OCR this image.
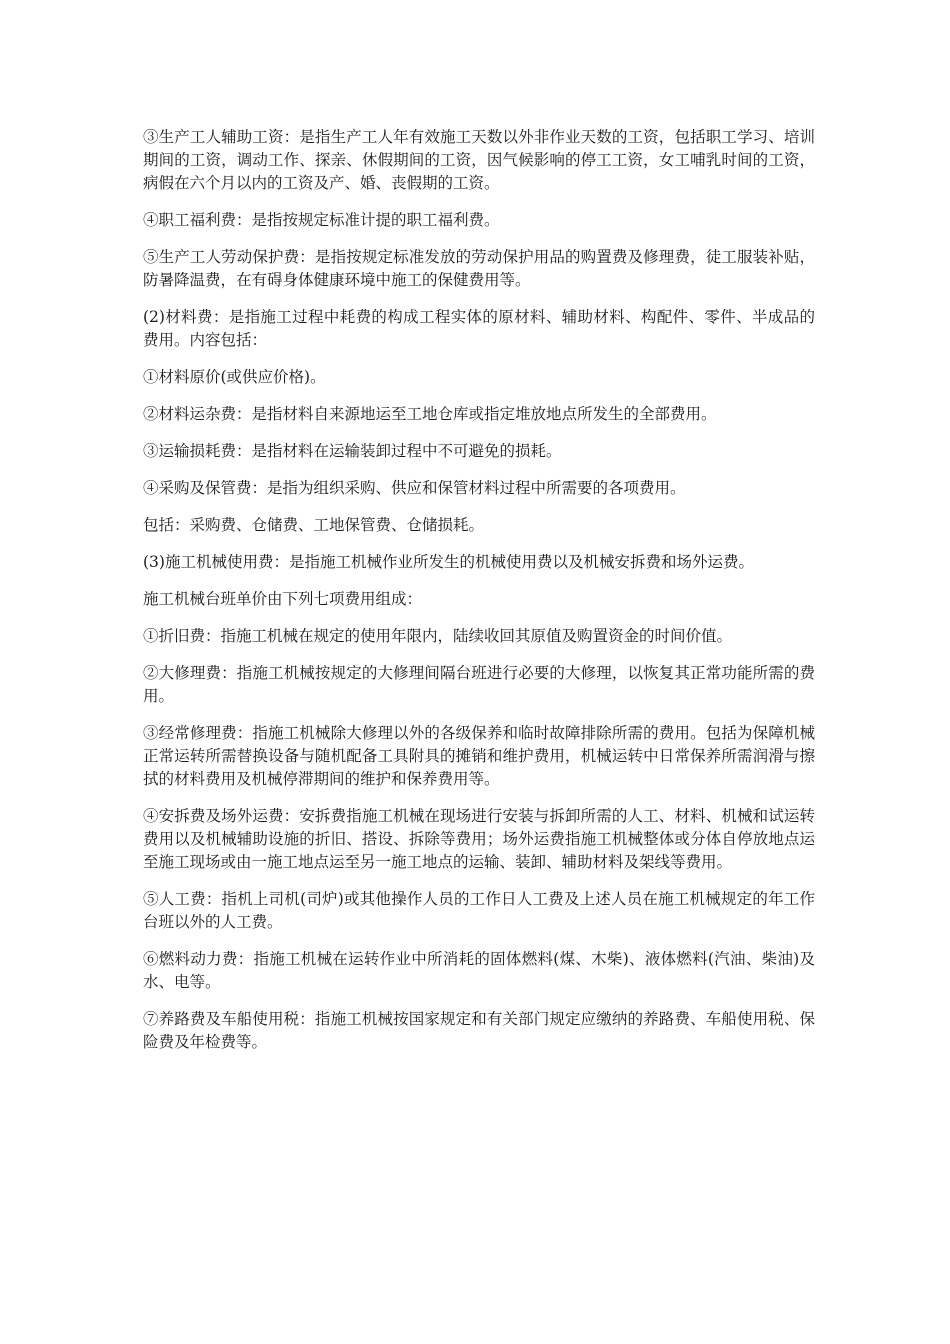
③生产工人辅助工资：是指生产工人年有效施工天数以外非作业天数的工资，包括职工学习、培训期间的工资，调动工作、探亲、休假期间的工资，因气候影响的停工工资，女工哺乳时间的工资，病假在六个月以内的工资及产、婚、丧假期的工资。

④职工福利费：是指按规定标准计提的职工福利费。

⑤生产工人劳动保护费：是指按规定标准发放的劳动保护用品的购置费及修理费，徒工服装补贴，防暑降温费，在有碍身体健康环境中施工的保健费用等。

(2)材料费：是指施工过程中耗费的构成工程实体的原材料、辅助材料、构配件、零件、半成品的费用。内容包括：

①材料原价(或供应价格)。

②材料运杂费：是指材料自来源地运至工地仓库或指定堆放地点所发生的全部费用。

③运输损耗费：是指材料在运输装卸过程中不可避免的损耗。

④采购及保管费：是指为组织采购、供应和保管材料过程中所需要的各项费用。

包括：采购费、仓储费、工地保管费、仓储损耗。

(3)施工机械使用费：是指施工机械作业所发生的机械使用费以及机械安拆费和场外运费。

施工机械台班单价由下列七项费用组成：

①折旧费：指施工机械在规定的使用年限内，陆续收回其原值及购置资金的时间价值。

②大修理费：指施工机械按规定的大修理间隔台班进行必要的大修理，以恢复其正常功能所需的费用。

③经常修理费：指施工机械除大修理以外的各级保养和临时故障排除所需的费用。包括为保障机械正常运转所需替换设备与随机配备工具附具的摊销和维护费用，机械运转中日常保养所需润滑与擦拭的材料费用及机械停滞期间的维护和保养费用等。

④安拆费及场外运费：安拆费指施工机械在现场进行安装与拆卸所需的人工、材料、机械和试运转费用以及机械辅助设施的折旧、搭设、拆除等费用；场外运费指施工机械整体或分体自停放地点运至施工现场或由一施工地点运至另一施工地点的运输、装卸、辅助材料及架线等费用。

⑤人工费：指机上司机(司炉)或其他操作人员的工作日人工费及上述人员在施工机械规定的年工作台班以外的人工费。

⑥燃料动力费：指施工机械在运转作业中所消耗的固体燃料(煤、木柴)、液体燃料(汽油、柴油)及水、电等。

⑦养路费及车船使用税：指施工机械按国家规定和有关部门规定应缴纳的养路费、车船使用税、保险费及年检费等。
